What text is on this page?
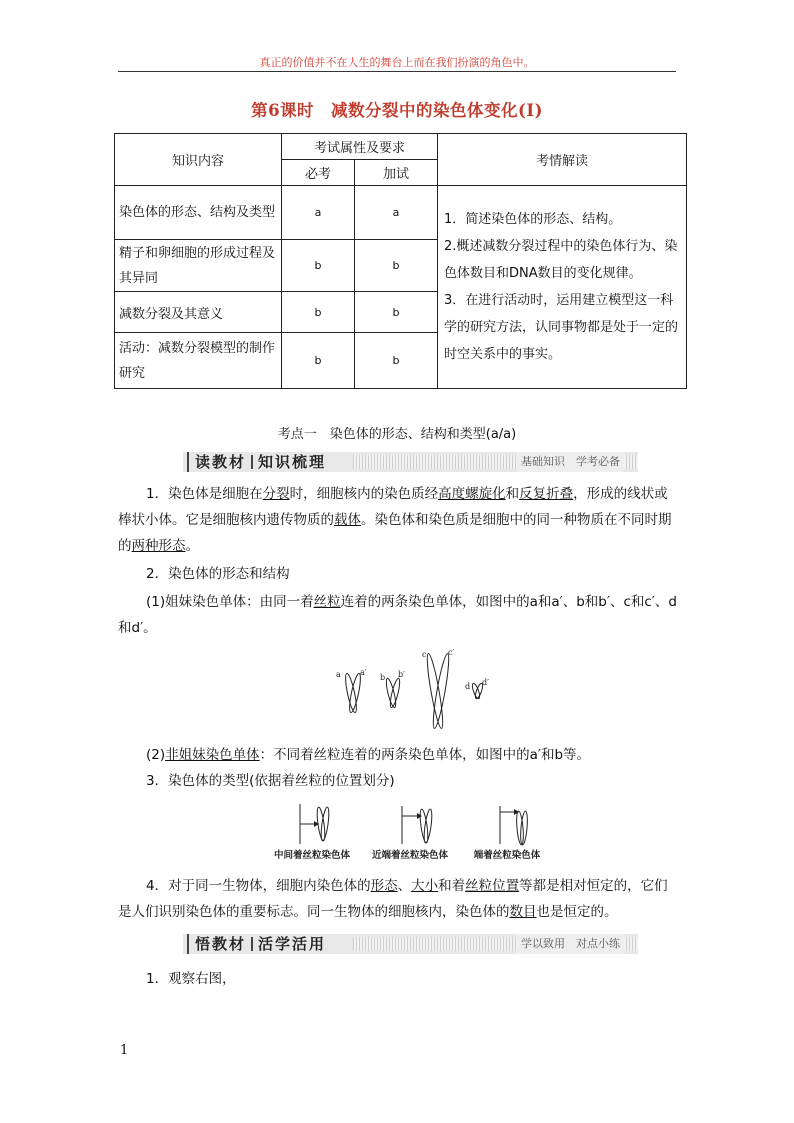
真正的价值并不在人生的舞台上而在我们扮演的角色中。
第6课时　减数分裂中的染色体变化(Ⅰ)
知识内容	考试属性及要求		考情解读
	必考	加试	
染色体的形态、结构及类型	a	a	1．简述染色体的形态、结构。
2.概述减数分裂过程中的染色体行为、染色体数目和DNA数目的变化规律。
3．在进行活动时，运用建立模型这一科学的研究方法，认同事物都是处于一定的时空关系中的事实。

精子和卵细胞的形成过程及其异同	b	b	
减数分裂及其意义	b	b	
活动：减数分裂模型的制作研究	b	b	
考点一　染色体的形态、结构和类型(a/a)
读教材 知识梳理	基础知识　学考必备
1．染色体是细胞在分裂时，细胞核内的染色质经高度螺旋化和反复折叠，形成的线状或棒状小体。它是细胞核内遗传物质的载体。染色体和染色质是细胞中的同一种物质在不同时期的两种形态。
2．染色体的形态和结构
(1)姐妹染色单体：由同一着丝粒连着的两条染色单体，如图中的a和a′、b和b′、c和c′、d和d′。
a a′
b b′
c	c′
d d′
(2)非姐妹染色单体：不同着丝粒连着的两条染色单体，如图中的a′和b等。
3．染色体的类型(依据着丝粒的位置划分)
中间着丝粒染色体 近端着丝粒染色体	端着丝粒染色体
4．对于同一生物体，细胞内染色体的形态、大小和着丝粒位置等都是相对恒定的，它们是人们识别染色体的重要标志。同一生物体的细胞核内，染色体的数目也是恒定的。
悟教材 活学活用	学以致用　对点小练
1．观察右图，
1
